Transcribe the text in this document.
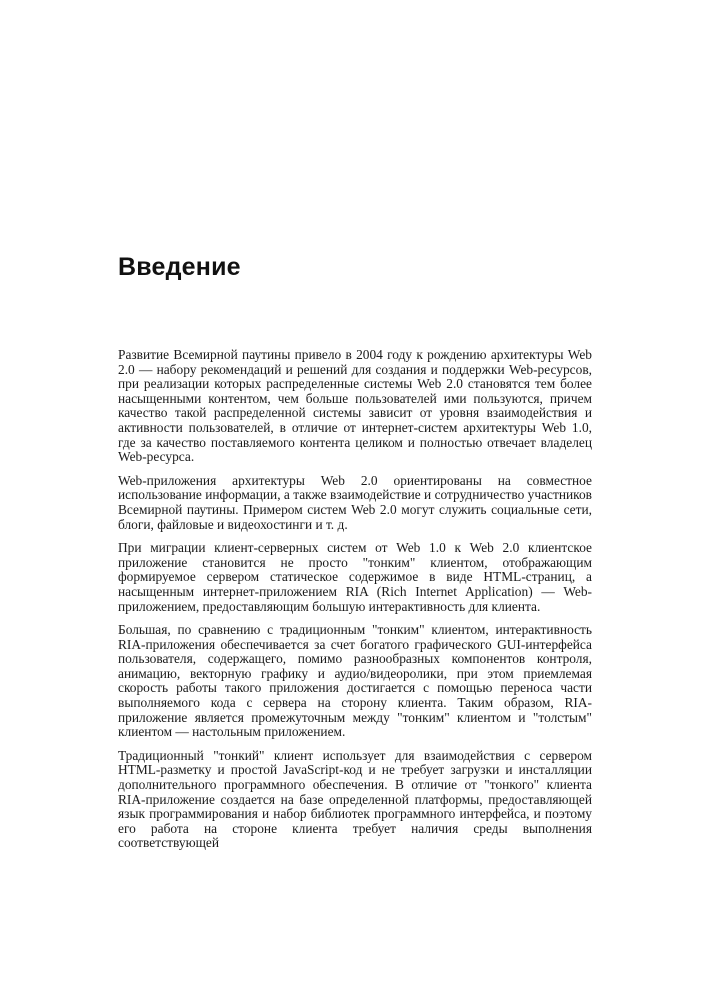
Введение

Развитие Всемирной паутины привело в 2004 году к рождению архитектуры Web 2.0 — набору рекомендаций и решений для создания и поддержки Web-ресурсов, при реализации которых распределенные системы Web 2.0 становятся тем более насыщенными контентом, чем больше пользователей ими пользуются, причем качество такой распределенной системы зависит от уровня взаимодействия и активности пользователей, в отличие от интернет-систем архитектуры Web 1.0, где за качество поставляемого контента целиком и полностью отвечает владелец Web-ресурса.

Web-приложения архитектуры Web 2.0 ориентированы на совместное использование информации, а также взаимодействие и сотрудничество участников Всемирной паутины. Примером систем Web 2.0 могут служить социальные сети, блоги, файловые и видеохостинги и т. д.

При миграции клиент-серверных систем от Web 1.0 к Web 2.0 клиентское приложение становится не просто "тонким" клиентом, отображающим формируемое сервером статическое содержимое в виде HTML-страниц, а насыщенным интернет-приложением RIA (Rich Internet Application) — Web-приложением, предоставляющим большую интерактивность для клиента.

Большая, по сравнению с традиционным "тонким" клиентом, интерактивность RIA-приложения обеспечивается за счет богатого графического GUI-интерфейса пользователя, содержащего, помимо разнообразных компонентов контроля, анимацию, векторную графику и аудио/видеоролики, при этом приемлемая скорость работы такого приложения достигается с помощью переноса части выполняемого кода с сервера на сторону клиента. Таким образом, RIA-приложение является промежуточным между "тонким" клиентом и "толстым" клиентом — настольным приложением.

Традиционный "тонкий" клиент использует для взаимодействия с сервером HTML-разметку и простой JavaScript-код и не требует загрузки и инсталляции дополнительного программного обеспечения. В отличие от "тонкого" клиента RIA-приложение создается на базе определенной платформы, предоставляющей язык программирования и набор библиотек программного интерфейса, и поэтому его работа на стороне клиента требует наличия среды выполнения соответствующей
